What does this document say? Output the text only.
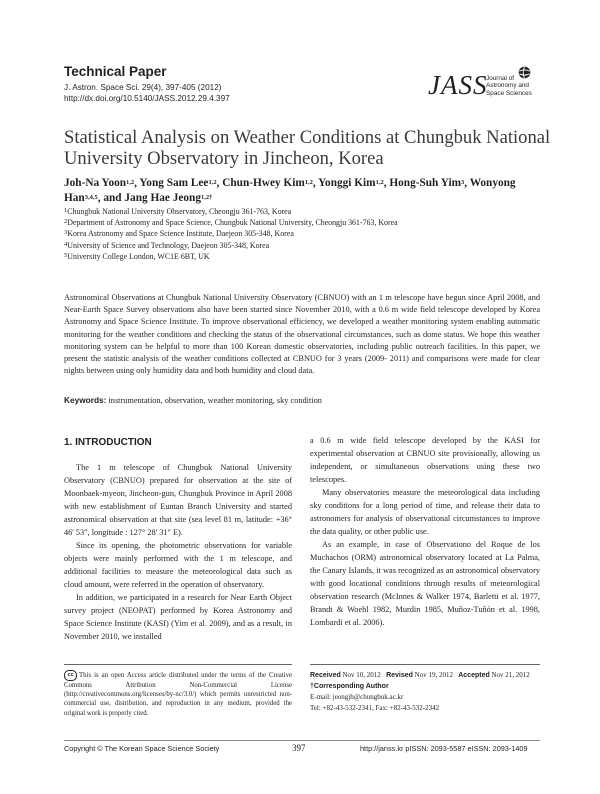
Technical Paper
J. Astron. Space Sci. 29(4), 397-405 (2012)
http://dx.doi.org/10.5140/JASS.2012.29.4.397	JASS
Journal of
Astronomy and
Space Sciences
Statistical Analysis on Weather Conditions at Chungbuk National University Observatory in Jincheon, Korea
Joh-Na Yoon$^{1,2}$, Yong Sam Lee$^{1,2}$, Chun-Hwey Kim$^{1,2}$, Yonggi Kim$^{1,2}$, Hong-Suh Yim$^3$, Wonyong Han$^{3,4,5}$, and Jang Hae Jeong$^{1,2\dagger}$
$^1$Chungbuk National University Observatory, Cheongju 361-763, Korea
$^2$Department of Astronomy and Space Science, Chungbuk National University, Cheongju 361-763, Korea
$^3$Korea Astronomy and Space Science Institute, Daejeon 305-348, Korea
$^4$University of Science and Technology, Daejeon 305-348, Korea
$^5$University College London, WC1E 6BT, UK
Astronomical Observations at Chungbuk National University Observatory (CBNUO) with an 1 m telescope have begun since April 2008, and Near-Earth Space Survey observations also have been started since November 2010, with a 0.6 m wide field telescope developed by Korea Astronomy and Space Science Institute. To improve observational efficiency, we developed a weather monitoring system enabling automatic monitoring for the weather conditions and checking the status of the observational circumstances, such as dome status. We hope this weather monitoring system can be helpful to more than 100 Korean domestic observatories, including public outreach facilities. In this paper, we present the statistic analysis of the weather conditions collected at CBNUO for 3 years (2009- 2011) and comparisons were made for clear nights between using only humidity data and both humidity and cloud data.
Keywords: instrumentation, observation, weather monitoring, sky condition
1. INTRODUCTION

The 1 m telescope of Chungbuk National University Observatory (CBNUO) prepared for observation at the site of Moonbaek-myeon, Jincheon-gun, Chungbuk Province in April 2008 with new establishment of Euntan Branch University and started astronomical observation at that site (sea level 81 m, latitude: +36° 46' 53", longitude : 127° 28' 31" E).

Since its opening, the photometric observations for variable objects were mainly performed with the 1 m telescope, and additional facilities to measure the meteorological data such as cloud amount, were referred in the operation of observatory.

In addition, we participated in a research for Near Earth Object survey project (NEOPAT) performed by Korea Astronomy and Space Science Institute (KASI) (Yim et al. 2009), and as a result, in November 2010, we installed

a 0.6 m wide field telescope developed by the KASI for experimental observation at CBNUO site provisionally, allowing us independent, or simultaneous observations using these two telescopes.

Many observatories measure the meteorological data including sky conditions for a long period of time, and release their data to astronomers for analysis of observational circumstances to improve the data quality, or other public use.

As an example, in case of Observationo del Roque de los Muchachos (ORM) astronomical observatory located at La Palma, the Canary Islands, it was recognized as an astronomical observatory with good locational conditions through results of meteorological observation research (McInnes & Walker 1974, Barletti et al. 1977, Brandt & Woehl 1982, Murdin 1985, Muñoz-Tuñón et al. 1998, Lombardi et al. 2006).

cc This is an open Access article distributed under the terms of the Creative Commons Attribution Non-Commercial License (http://creativecommons.org/licenses/by-nc/3.0/) which permits unrestricted non-commercial use, distribution, and reproduction in any medium, provided the original work is properly cited.
Received Nov 10, 2012 Revised Nov 19, 2012 Accepted Nov 21, 2012
†Corresponding Author
E-mail: jeongjh@chungbuk.ac.kr
Tel: +82-43-532-2341, Fax: +82-43-532-2342
Copyright © The Korean Space Science Society	397	http://janss.kr pISSN: 2093-5587 eISSN: 2093-1409
